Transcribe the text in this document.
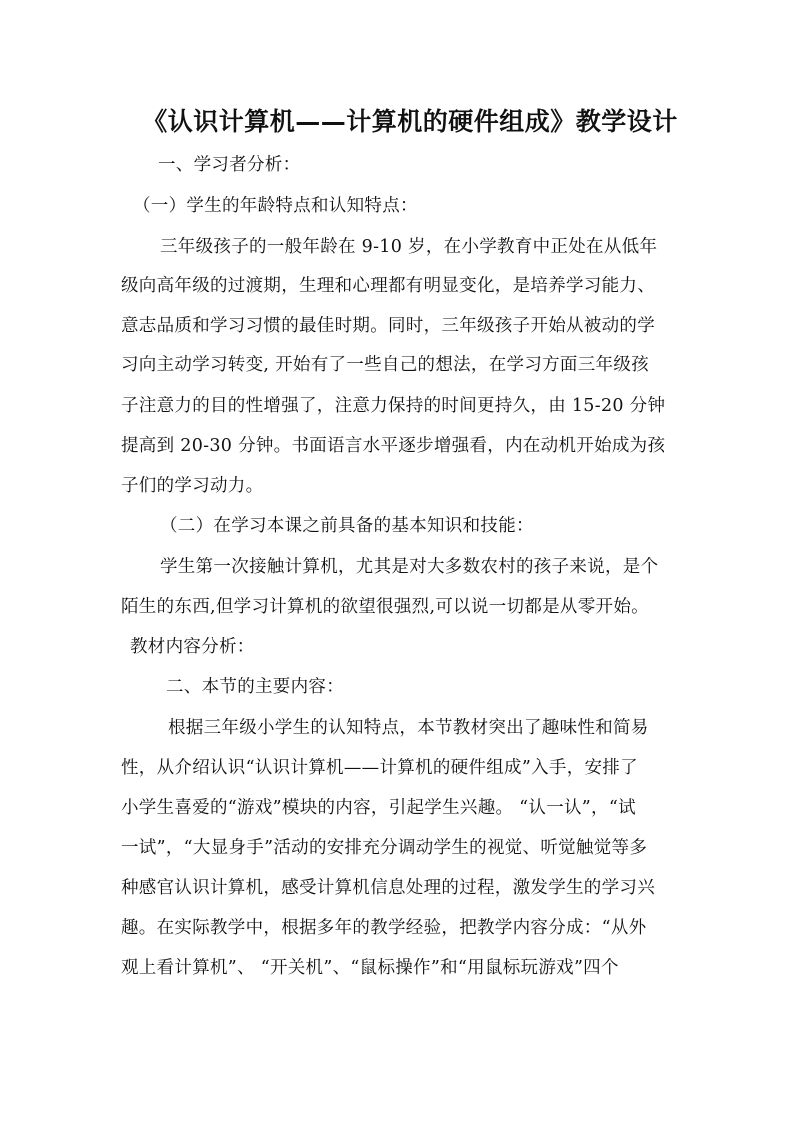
《认识计算机——计算机的硬件组成》教学设计
一、学习者分析：
（一）学生的年龄特点和认知特点：
三年级孩子的一般年龄在 9-10 岁，在小学教育中正处在从低年
级向高年级的过渡期，生理和心理都有明显变化，是培养学习能力、
意志品质和学习习惯的最佳时期。同时，三年级孩子开始从被动的学
习向主动学习转变, 开始有了一些自己的想法，在学习方面三年级孩
子注意力的目的性增强了，注意力保持的时间更持久，由 15-20 分钟
提高到 20-30 分钟。书面语言水平逐步增强看，内在动机开始成为孩
子们的学习动力。
（二）在学习本课之前具备的基本知识和技能：
学生第一次接触计算机，尤其是对大多数农村的孩子来说，是个
陌生的东西,但学习计算机的欲望很强烈,可以说一切都是从零开始。
教材内容分析：
二、本节的主要内容：
根据三年级小学生的认知特点，本节教材突出了趣味性和简易
性，从介绍认识“认识计算机——计算机的硬件组成”入手，安排了
小学生喜爱的“游戏”模块的内容，引起学生兴趣。 “认一认”，“试
一试”，“大显身手”活动的安排充分调动学生的视觉、听觉触觉等多
种感官认识计算机，感受计算机信息处理的过程，激发学生的学习兴
趣。在实际教学中，根据多年的教学经验，把教学内容分成：“从外
观上看计算机”、 “开关机”、“鼠标操作”和“用鼠标玩游戏”四个
